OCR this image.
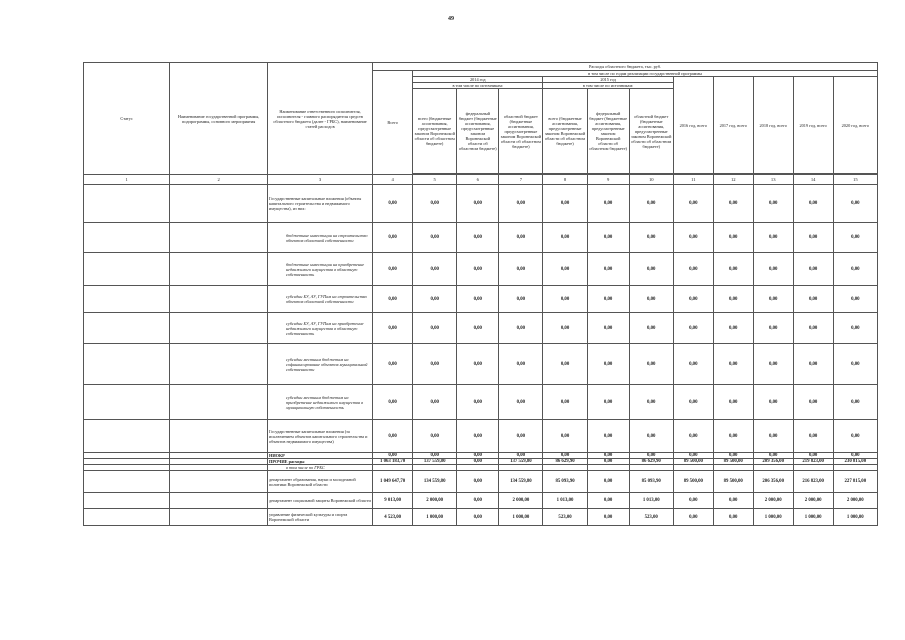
49
Статус	Наименование государственной программы, подпрограммы, основного мероприятия	Наименование ответственного исполнителя, исполнителя - главного распорядителя средств областного бюджета (далее - ГРБС), наименование статей расходов	Расходы областного бюджета, тыс. руб.											
			Всего	в том числе по годам реализации государственной программы										
				2014 год			2015 год			2016 год, всего	2017 год, всего	2018 год, всего	2019 год, всего	2020 год, всего
				в том числе по источникам:			в том числе по источникам:							
				всего (бюджетные ассигнования, предусмотренные законом Воронежской области об областном бюджете)	федеральный бюджет (бюджетные ассигнования, предусмотренные законом Воронежской области об областном бюджете)	областной бюджет (бюджетные ассигнования, предусмотренные законом Воронежской области об областном бюджете)	всего (бюджетные ассигнования, предусмотренные законом Воронежской области об областном бюджете)	федеральный бюджет (бюджетные ассигнования, предусмотренные законом Воронежской области об областном бюджете)	областной бюджет (бюджетные ассигнования, предусмотренные законом Воронежской области об областном бюджете)					

1	2	3	4	5	6	7	8	9	10	11	12	13	14	15
		Государственные капитальные вложения (объекты капитального строительства и недвижимого имущества), из них:	0,00	0,00	0,00	0,00	0,00	0,00	0,00	0,00	0,00	0,00	0,00	0,00
		бюджетные инвестиции на строительство объектов областной собственности	0,00	0,00	0,00	0,00	0,00	0,00	0,00	0,00	0,00	0,00	0,00	0,00
		бюджетные инвестиции на приобретение недвижимого имущества в областную собственность	0,00	0,00	0,00	0,00	0,00	0,00	0,00	0,00	0,00	0,00	0,00	0,00
		субсидии БУ, АУ, ГУПам на строительство объектов областной собственности	0,00	0,00	0,00	0,00	0,00	0,00	0,00	0,00	0,00	0,00	0,00	0,00
		субсидии БУ, АУ, ГУПам на приобретение недвижимого имущества в областную собственность	0,00	0,00	0,00	0,00	0,00	0,00	0,00	0,00	0,00	0,00	0,00	0,00
		субсидии местным бюджетам на софинансирование объектов муниципальной собственности	0,00	0,00	0,00	0,00	0,00	0,00	0,00	0,00	0,00	0,00	0,00	0,00
		субсидии местным бюджетам на приобретение недвижимого имущества в муниципальную собственность	0,00	0,00	0,00	0,00	0,00	0,00	0,00	0,00	0,00	0,00	0,00	0,00
		Государственные капитальные вложения (за исключением объектов капитального строительства и объектов недвижимого имущества)	0,00	0,00	0,00	0,00	0,00	0,00	0,00	0,00	0,00	0,00	0,00	0,00
		НИОКР	0,00	0,00	0,00	0,00	0,00	0,00	0,00	0,00	0,00	0,00	0,00	0,00
		ПРОЧИЕ расходы	1 063 183,70	137 559,80	0,00	137 559,80	86 629,90	0,00	86 629,90	89 500,00	89 500,00	209 356,00	219 823,00	230 815,00
		в том числе по ГРБС												
		департамент образования, науки и молодежной политики Воронежской области	1 049 647,70	134 559,80	0,00	134 559,80	85 093,90	0,00	85 093,90	89 500,00	89 500,00	206 356,00	216 823,00	227 815,00
		департамент социальной защиты Воронежской области	9 013,00	2 000,00	0,00	2 000,00	1 013,00	0,00	1 013,00	0,00	0,00	2 000,00	2 000,00	2 000,00
		управление физической культуры и спорта Воронежской области	4 523,00	1 000,00	0,00	1 000,00	523,00	0,00	523,00	0,00	0,00	1 000,00	1 000,00	1 000,00
